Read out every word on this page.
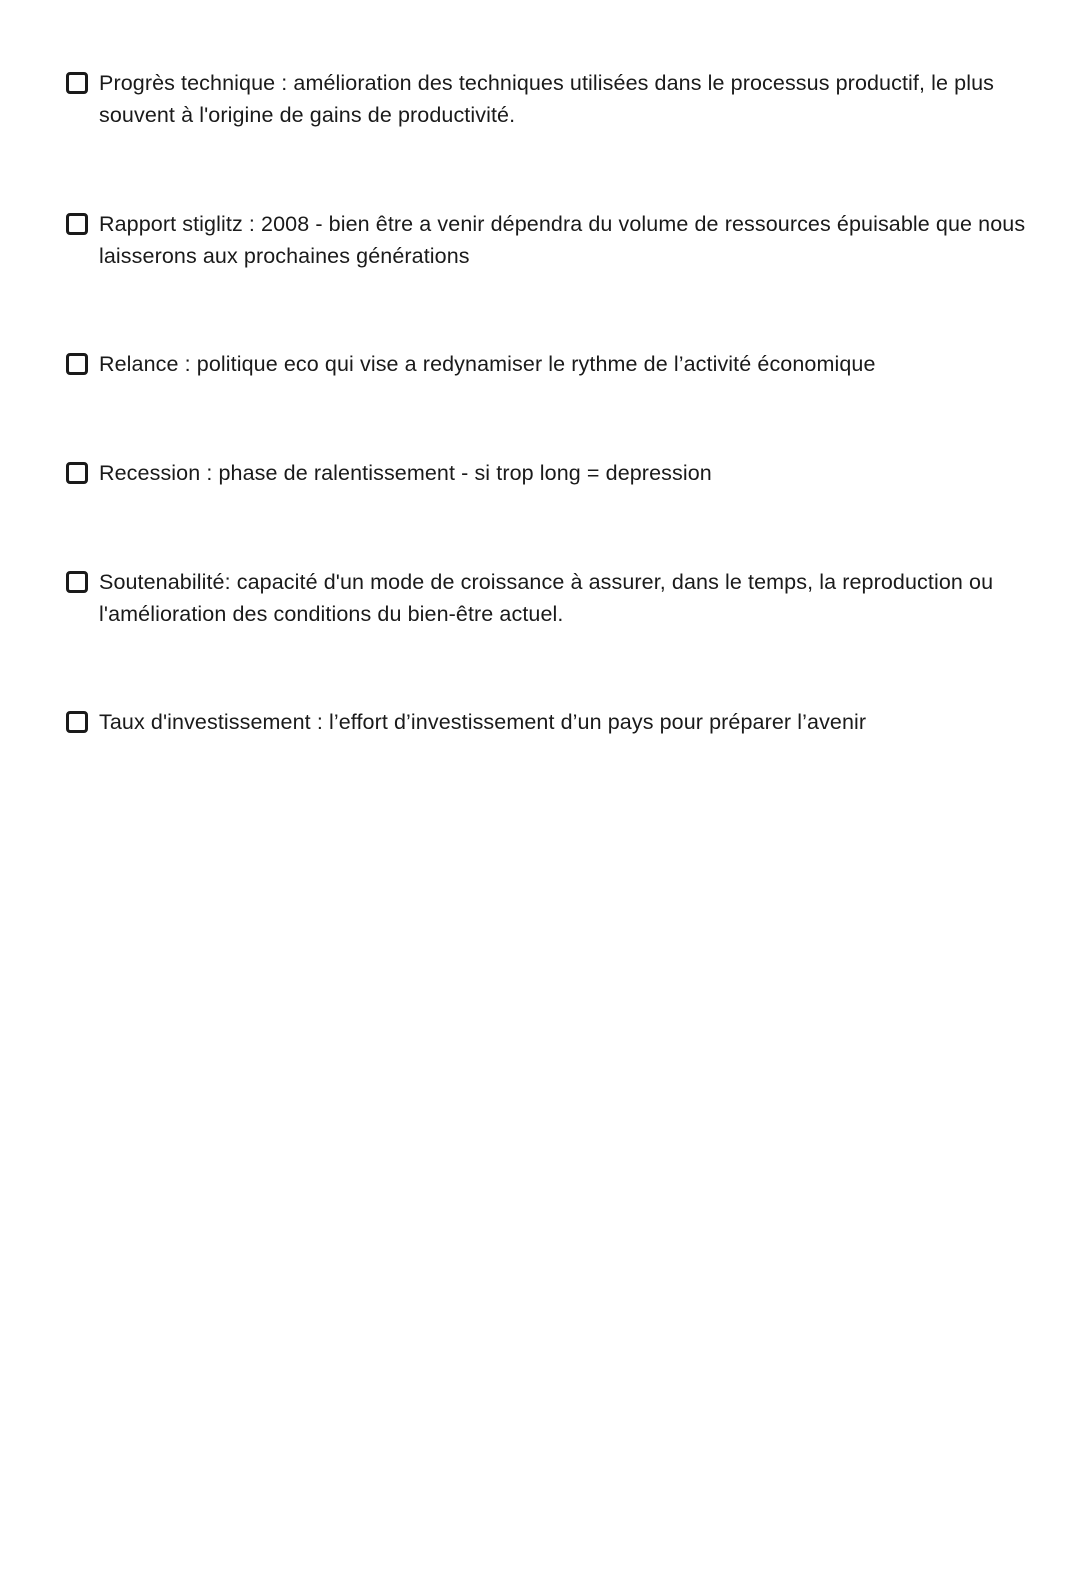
Progrès technique : amélioration des techniques utilisées dans le processus productif, le plus souvent à l'origine de gains de productivité.
Rapport stiglitz : 2008 - bien être a venir dépendra du volume de ressources épuisable que nous laisserons aux prochaines générations
Relance : politique eco qui vise a redynamiser le rythme de l’activité économique
Recession : phase de ralentissement - si trop long = depression
Soutenabilité: capacité d'un mode de croissance à assurer, dans le temps, la reproduction ou l'amélioration des conditions du bien-être actuel.
Taux d'investissement : l’effort d’investissement d’un pays pour préparer l’avenir
